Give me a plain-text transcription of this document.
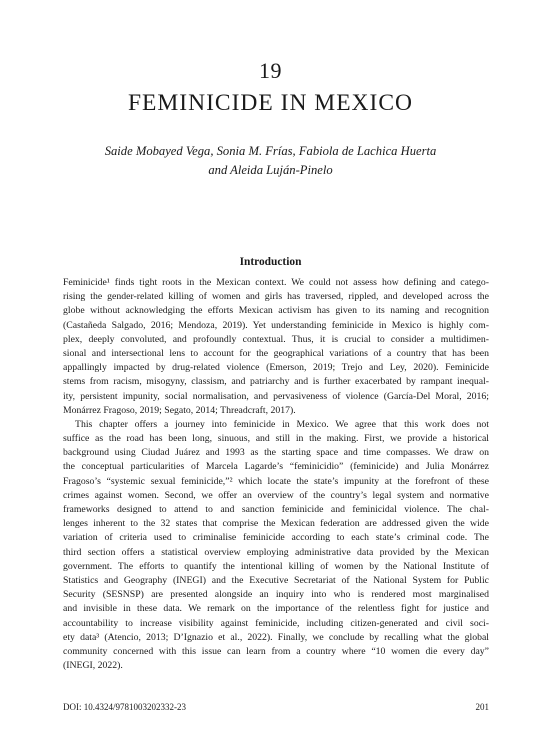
19
FEMINICIDE IN MEXICO
Saide Mobayed Vega, Sonia M. Frías, Fabiola de Lachica Huerta
and Aleida Luján-Pinelo
Introduction
Feminicide¹ finds tight roots in the Mexican context. We could not assess how defining and catego-
rising the gender-related killing of women and girls has traversed, rippled, and developed across the
globe without acknowledging the efforts Mexican activism has given to its naming and recognition
(Castañeda Salgado, 2016; Mendoza, 2019). Yet understanding feminicide in Mexico is highly com-
plex, deeply convoluted, and profoundly contextual. Thus, it is crucial to consider a multidimen-
sional and intersectional lens to account for the geographical variations of a country that has been
appallingly impacted by drug-related violence (Emerson, 2019; Trejo and Ley, 2020). Feminicide
stems from racism, misogyny, classism, and patriarchy and is further exacerbated by rampant inequal-
ity, persistent impunity, social normalisation, and pervasiveness of violence (García-Del Moral, 2016;
Monárrez Fragoso, 2019; Segato, 2014; Threadcraft, 2017).
This chapter offers a journey into feminicide in Mexico. We agree that this work does not
suffice as the road has been long, sinuous, and still in the making. First, we provide a historical
background using Ciudad Juárez and 1993 as the starting space and time compasses. We draw on
the conceptual particularities of Marcela Lagarde’s “feminicidio” (feminicide) and Julia Monárrez
Fragoso’s “systemic sexual feminicide,”² which locate the state’s impunity at the forefront of these
crimes against women. Second, we offer an overview of the country’s legal system and normative
frameworks designed to attend to and sanction feminicide and feminicidal violence. The chal-
lenges inherent to the 32 states that comprise the Mexican federation are addressed given the wide
variation of criteria used to criminalise feminicide according to each state’s criminal code. The
third section offers a statistical overview employing administrative data provided by the Mexican
government. The efforts to quantify the intentional killing of women by the National Institute of
Statistics and Geography (INEGI) and the Executive Secretariat of the National System for Public
Security (SESNSP) are presented alongside an inquiry into who is rendered most marginalised
and invisible in these data. We remark on the importance of the relentless fight for justice and
accountability to increase visibility against feminicide, including citizen-generated and civil soci-
ety data³ (Atencio, 2013; D’Ignazio et al., 2022). Finally, we conclude by recalling what the global
community concerned with this issue can learn from a country where “10 women die every day”
(INEGI, 2022).
DOI: 10.4324/9781003202332-23	201
